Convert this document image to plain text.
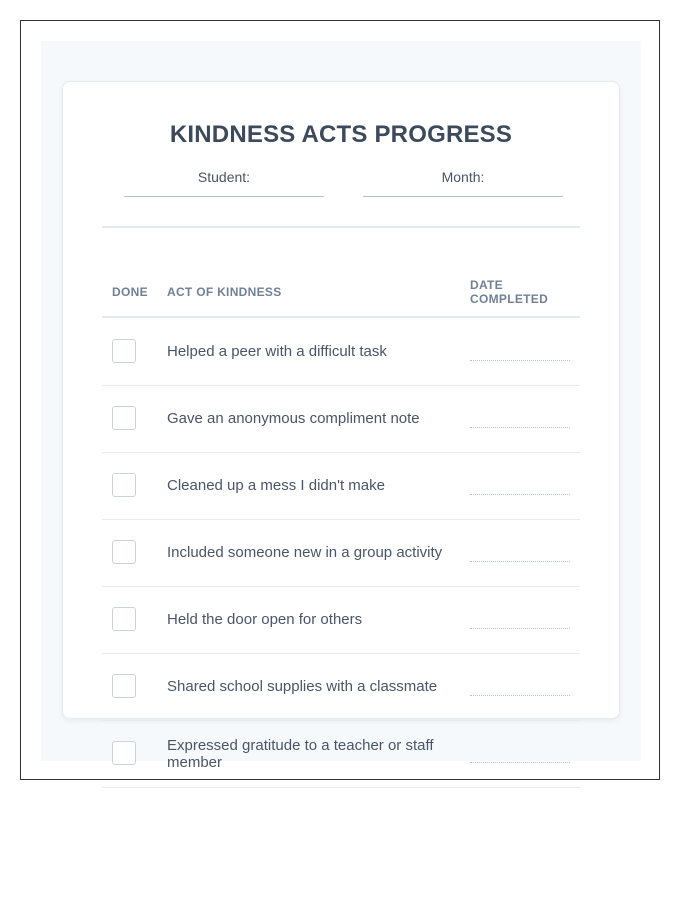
KINDNESS ACTS PROGRESS
Student:	Month:
DONE ACT OF KINDNESS	DATE COMPLETED
Helped a peer with a difficult task
Gave an anonymous compliment note
Cleaned up a mess I didn't make
Included someone new in a group activity
Held the door open for others
Shared school supplies with a classmate
Expressed gratitude to a teacher or staff member
